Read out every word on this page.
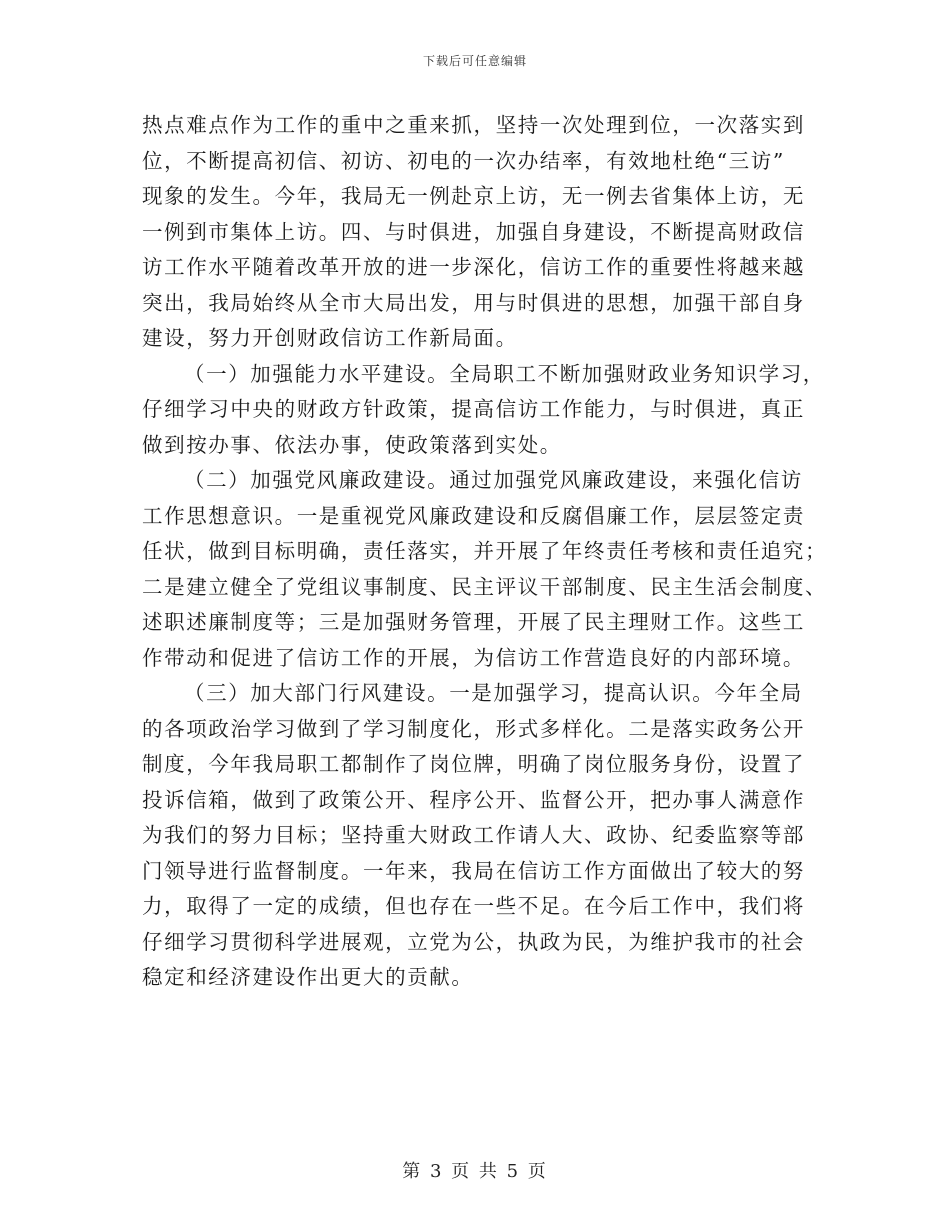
下载后可任意编辑
热点难点作为工作的重中之重来抓，坚持一次处理到位，一次落实到
位，不断提高初信、初访、初电的一次办结率，有效地杜绝“三访”
现象的发生。今年，我局无一例赴京上访，无一例去省集体上访，无
一例到市集体上访。四、与时俱进，加强自身建设，不断提高财政信
访工作水平随着改革开放的进一步深化，信访工作的重要性将越来越
突出，我局始终从全市大局出发，用与时俱进的思想，加强干部自身
建设，努力开创财政信访工作新局面。
（一）加强能力水平建设。全局职工不断加强财政业务知识学习，
仔细学习中央的财政方针政策，提高信访工作能力，与时俱进，真正
做到按办事、依法办事，使政策落到实处。
（二）加强党风廉政建设。通过加强党风廉政建设，来强化信访
工作思想意识。一是重视党风廉政建设和反腐倡廉工作，层层签定责
任状，做到目标明确，责任落实，并开展了年终责任考核和责任追究；
二是建立健全了党组议事制度、民主评议干部制度、民主生活会制度、
述职述廉制度等；三是加强财务管理，开展了民主理财工作。这些工
作带动和促进了信访工作的开展，为信访工作营造良好的内部环境。
（三）加大部门行风建设。一是加强学习，提高认识。今年全局
的各项政治学习做到了学习制度化，形式多样化。二是落实政务公开
制度，今年我局职工都制作了岗位牌，明确了岗位服务身份，设置了
投诉信箱，做到了政策公开、程序公开、监督公开，把办事人满意作
为我们的努力目标；坚持重大财政工作请人大、政协、纪委监察等部
门领导进行监督制度。一年来，我局在信访工作方面做出了较大的努
力，取得了一定的成绩，但也存在一些不足。在今后工作中，我们将
仔细学习贯彻科学进展观，立党为公，执政为民，为维护我市的社会
稳定和经济建设作出更大的贡献。
第 3 页 共 5 页
